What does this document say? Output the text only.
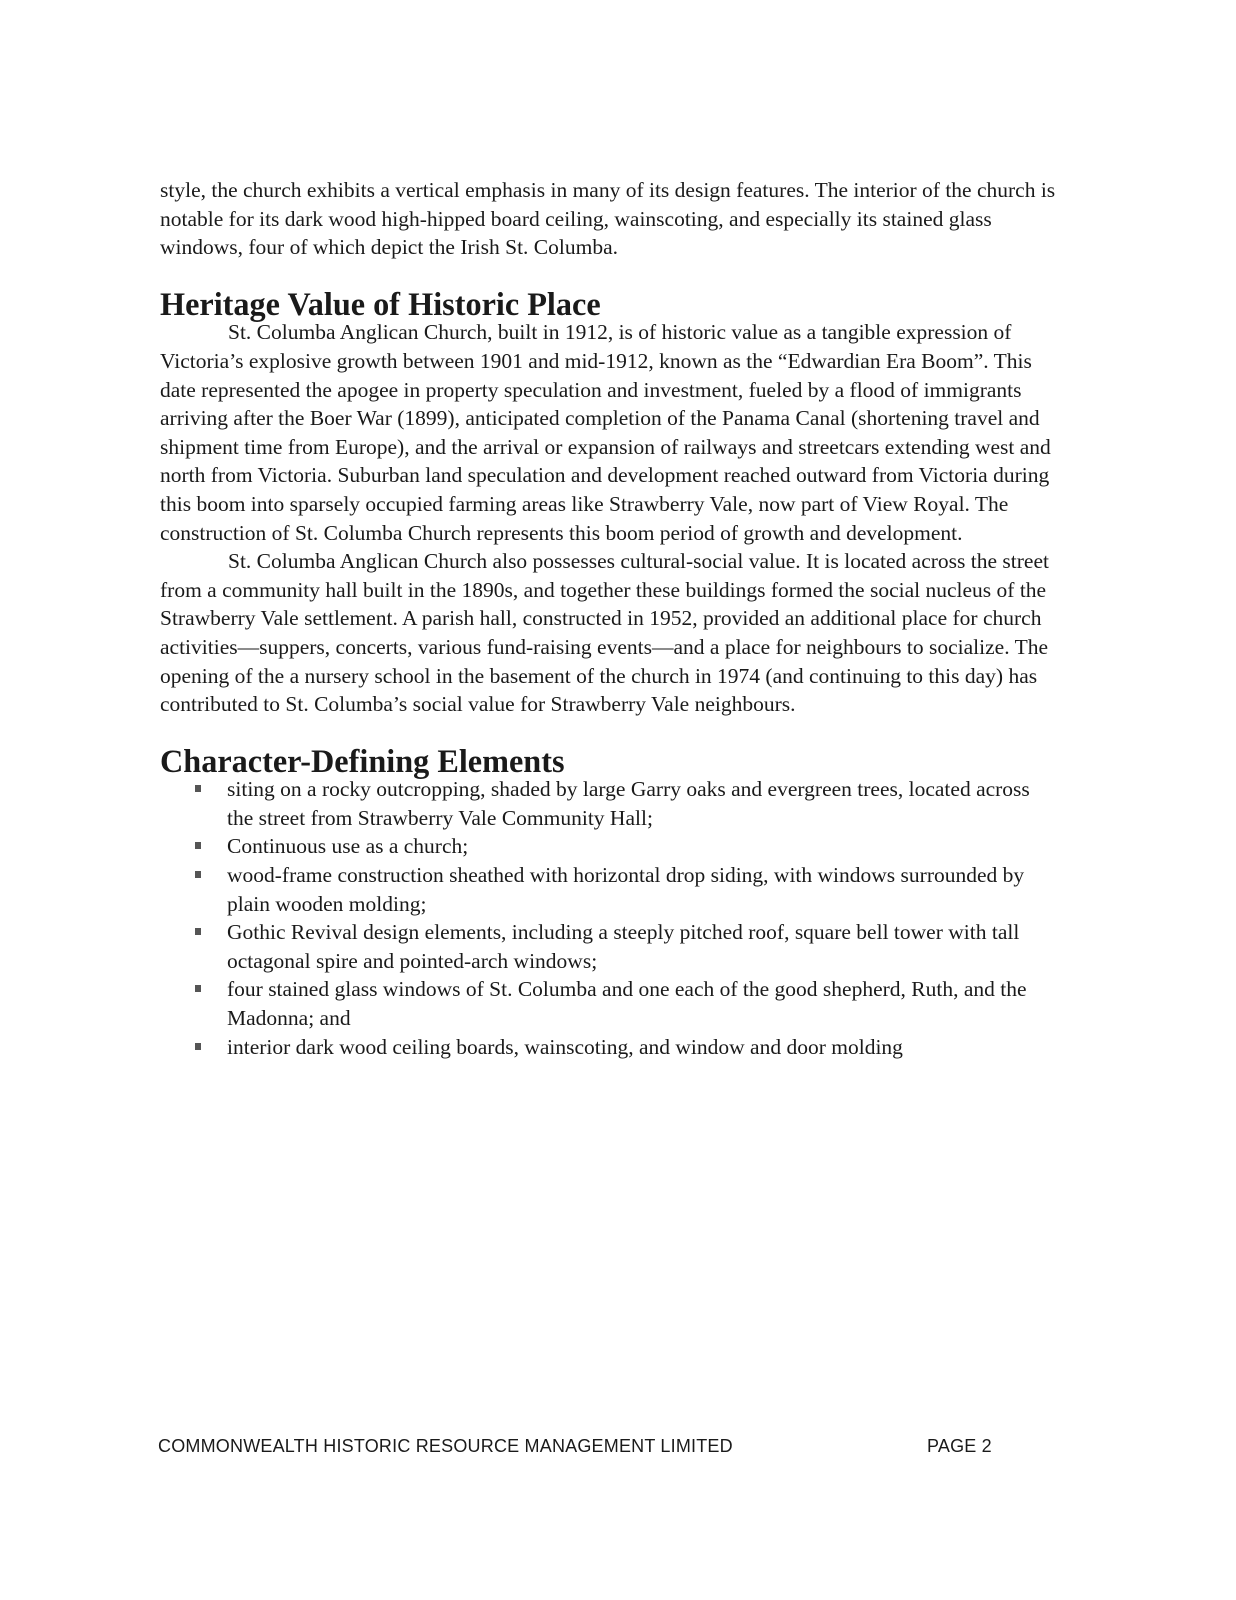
style, the church exhibits a vertical emphasis in many of its design features. The interior of the church is notable for its dark wood high-hipped board ceiling, wainscoting, and especially its stained glass windows, four of which depict the Irish St. Columba.

Heritage Value of Historic Place

St. Columba Anglican Church, built in 1912, is of historic value as a tangible expression of Victoria’s explosive growth between 1901 and mid-1912, known as the “Edwardian Era Boom”. This date represented the apogee in property speculation and investment, fueled by a flood of immigrants arriving after the Boer War (1899), anticipated completion of the Panama Canal (shortening travel and shipment time from Europe), and the arrival or expansion of railways and streetcars extending west and north from Victoria. Suburban land speculation and development reached outward from Victoria during this boom into sparsely occupied farming areas like Strawberry Vale, now part of View Royal. The construction of St. Columba Church represents this boom period of growth and development.

St. Columba Anglican Church also possesses cultural-social value. It is located across the street from a community hall built in the 1890s, and together these buildings formed the social nucleus of the Strawberry Vale settlement. A parish hall, constructed in 1952, provided an additional place for church activities—suppers, concerts, various fund-raising events—and a place for neighbours to socialize. The opening of the a nursery school in the basement of the church in 1974 (and continuing to this day) has contributed to St. Columba’s social value for Strawberry Vale neighbours.

Character-Defining Elements
siting on a rocky outcropping, shaded by large Garry oaks and evergreen trees, located across the street from Strawberry Vale Community Hall;
Continuous use as a church;
wood-frame construction sheathed with horizontal drop siding, with windows surrounded by plain wooden molding;
Gothic Revival design elements, including a steeply pitched roof, square bell tower with tall octagonal spire and pointed-arch windows;
four stained glass windows of St. Columba and one each of the good shepherd, Ruth, and the Madonna; and
interior dark wood ceiling boards, wainscoting, and window and door molding
COMMONWEALTH HISTORIC RESOURCE MANAGEMENT LIMITED	PAGE 2
